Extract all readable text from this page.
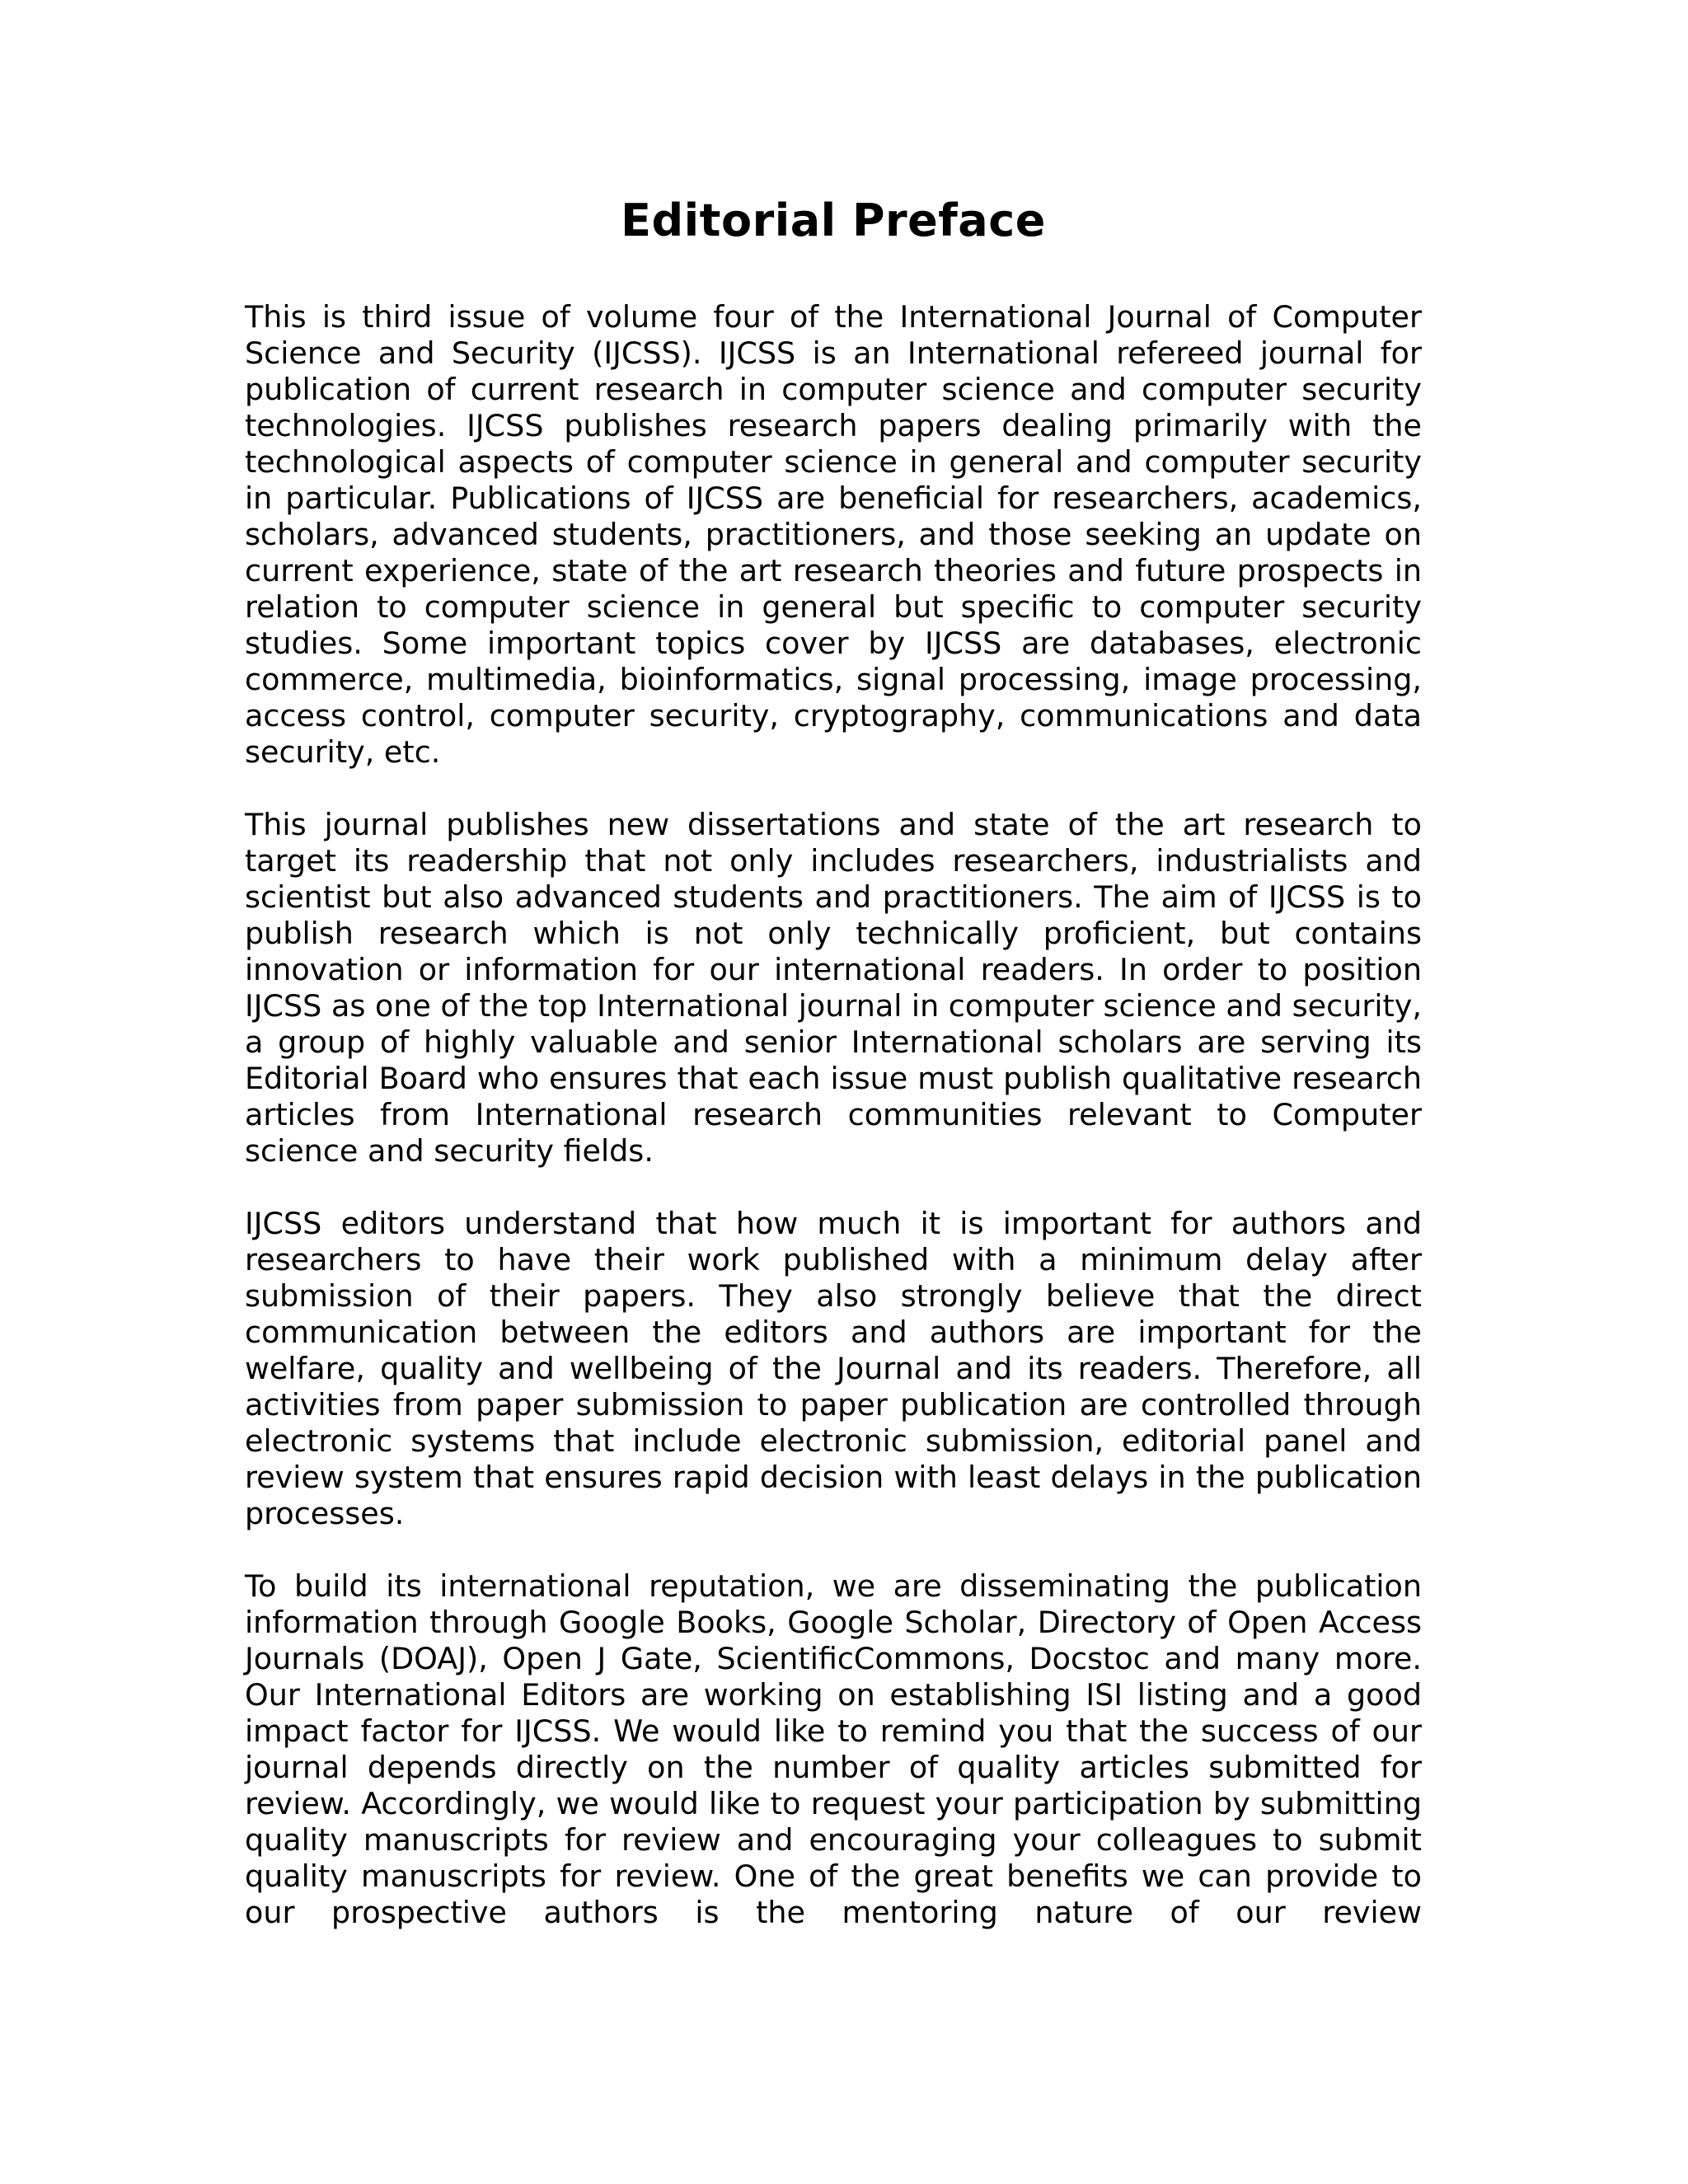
Editorial Preface

This is third issue of volume four of the International Journal of Computer Science and Security (IJCSS). IJCSS is an International refereed journal for publication of current research in computer science and computer security technologies. IJCSS publishes research papers dealing primarily with the technological aspects of computer science in general and computer security in particular. Publications of IJCSS are beneficial for researchers, academics, scholars, advanced students, practitioners, and those seeking an update on current experience, state of the art research theories and future prospects in relation to computer science in general but specific to computer security studies. Some important topics cover by IJCSS are databases, electronic commerce, multimedia, bioinformatics, signal processing, image processing, access control, computer security, cryptography, communications and data security, etc.

This journal publishes new dissertations and state of the art research to target its readership that not only includes researchers, industrialists and scientist but also advanced students and practitioners. The aim of IJCSS is to publish research which is not only technically proficient, but contains innovation or information for our international readers. In order to position IJCSS as one of the top International journal in computer science and security, a group of highly valuable and senior International scholars are serving its Editorial Board who ensures that each issue must publish qualitative research articles from International research communities relevant to Computer science and security fields.

IJCSS editors understand that how much it is important for authors and researchers to have their work published with a minimum delay after submission of their papers. They also strongly believe that the direct communication between the editors and authors are important for the welfare, quality and wellbeing of the Journal and its readers. Therefore, all activities from paper submission to paper publication are controlled through electronic systems that include electronic submission, editorial panel and review system that ensures rapid decision with least delays in the publication processes.

To build its international reputation, we are disseminating the publication information through Google Books, Google Scholar, Directory of Open Access Journals (DOAJ), Open J Gate, ScientificCommons, Docstoc and many more. Our International Editors are working on establishing ISI listing and a good impact factor for IJCSS. We would like to remind you that the success of our journal depends directly on the number of quality articles submitted for review. Accordingly, we would like to request your participation by submitting quality manuscripts for review and encouraging your colleagues to submit quality manuscripts for review. One of the great benefits we can provide to our prospective authors is the mentoring nature of our review
